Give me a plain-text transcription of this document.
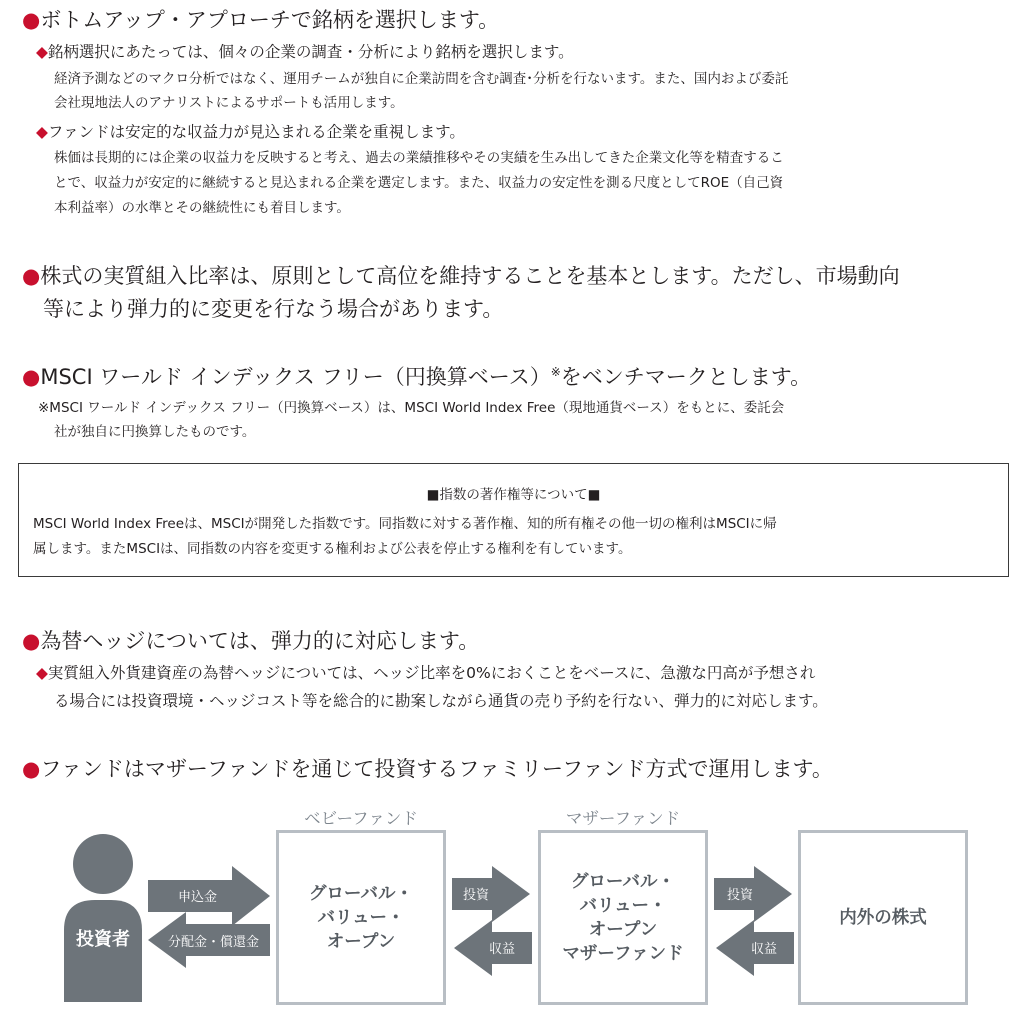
●ボトムアップ・アプローチで銘柄を選択します。
◆銘柄選択にあたっては、個々の企業の調査・分析により銘柄を選択します。
経済予測などのマクロ分析ではなく、運用チームが独自に企業訪問を含む調査･分析を行ないます。また、国内および委託
会社現地法人のアナリストによるサポートも活用します。
◆ファンドは安定的な収益力が見込まれる企業を重視します。
株価は長期的には企業の収益力を反映すると考え、過去の業績推移やその実績を生み出してきた企業文化等を精査するこ
とで、収益力が安定的に継続すると見込まれる企業を選定します。また、収益力の安定性を測る尺度としてROE（自己資
本利益率）の水準とその継続性にも着目します。
●株式の実質組入比率は、原則として高位を維持することを基本とします。ただし、市場動向
等により弾力的に変更を行なう場合があります。
●MSCI ワールド インデックス フリー（円換算ベース）※をベンチマークとします。
※MSCI ワールド インデックス フリー（円換算ベース）は、MSCI World Index Free（現地通貨ベース）をもとに、委託会
社が独自に円換算したものです。
■指数の著作権等について■
MSCI World Index Freeは、MSCIが開発した指数です。同指数に対する著作権、知的所有権その他一切の権利はMSCIに帰
属します。またMSCIは、同指数の内容を変更する権利および公表を停止する権利を有しています。
●為替ヘッジについては、弾力的に対応します。
◆実質組入外貨建資産の為替ヘッジについては、ヘッジ比率を0%におくことをベースに、急激な円高が予想され
る場合には投資環境・ヘッジコスト等を総合的に勘案しながら通貨の売り予約を行ない、弾力的に対応します。
●ファンドはマザーファンドを通じて投資するファミリーファンド方式で運用します。
投資者
申込金
分配金・償還金
投資
収益
投資
収益
ベビーファンド
グローバル・
バリュー・
オープン
マザーファンド
グローバル・
バリュー・
オープン
マザーファンド
内外の株式
